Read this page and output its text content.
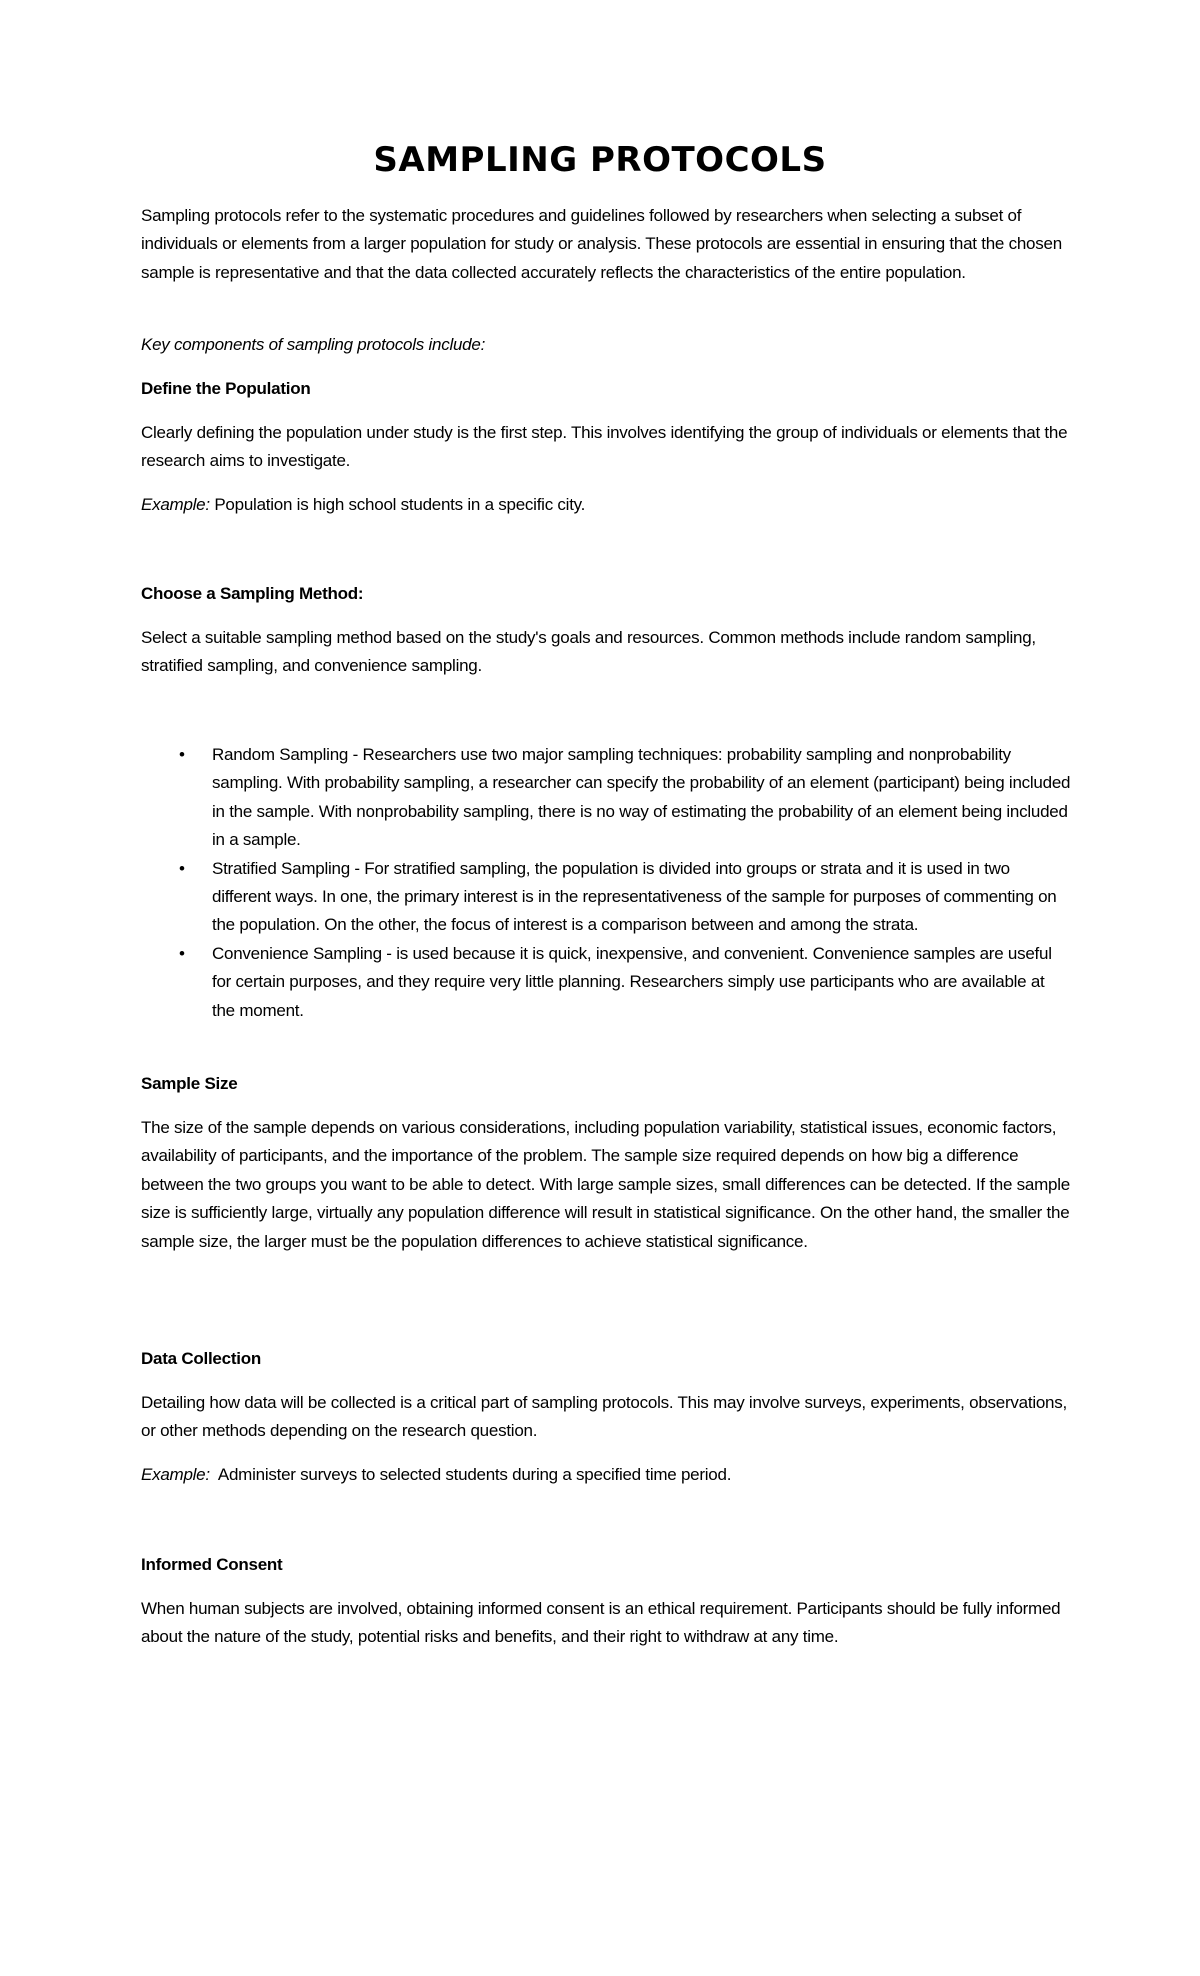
SAMPLING PROTOCOLS

Sampling protocols refer to the systematic procedures and guidelines followed by researchers when selecting a subset of individuals or elements from a larger population for study or analysis. These protocols are essential in ensuring that the chosen sample is representative and that the data collected accurately reflects the characteristics of the entire population.

Key components of sampling protocols include:

Define the Population

Clearly defining the population under study is the first step. This involves identifying the group of individuals or elements that the research aims to investigate.

Example: Population is high school students in a specific city.

Choose a Sampling Method:

Select a suitable sampling method based on the study's goals and resources. Common methods include random sampling, stratified sampling, and convenience sampling.

• Random Sampling - Researchers use two major sampling techniques: probability sampling and nonprobability sampling. With probability sampling, a researcher can specify the probability of an element (participant) being included in the sample. With nonprobability sampling, there is no way of estimating the probability of an element being included in a sample.
• Stratified Sampling - For stratified sampling, the population is divided into groups or strata and it is used in two different ways. In one, the primary interest is in the representativeness of the sample for purposes of commenting on the population. On the other, the focus of interest is a comparison between and among the strata.
• Convenience Sampling - is used because it is quick, inexpensive, and convenient. Convenience samples are useful for certain purposes, and they require very little planning. Researchers simply use participants who are available at the moment.

Sample Size

The size of the sample depends on various considerations, including population variability, statistical issues, economic factors, availability of participants, and the importance of the problem. The sample size required depends on how big a difference between the two groups you want to be able to detect. With large sample sizes, small differences can be detected. If the sample size is sufficiently large, virtually any population difference will result in statistical significance. On the other hand, the smaller the sample size, the larger must be the population differences to achieve statistical significance.

Data Collection

Detailing how data will be collected is a critical part of sampling protocols. This may involve surveys, experiments, observations, or other methods depending on the research question.

Example:  Administer surveys to selected students during a specified time period.

Informed Consent

When human subjects are involved, obtaining informed consent is an ethical requirement. Participants should be fully informed about the nature of the study, potential risks and benefits, and their right to withdraw at any time.
